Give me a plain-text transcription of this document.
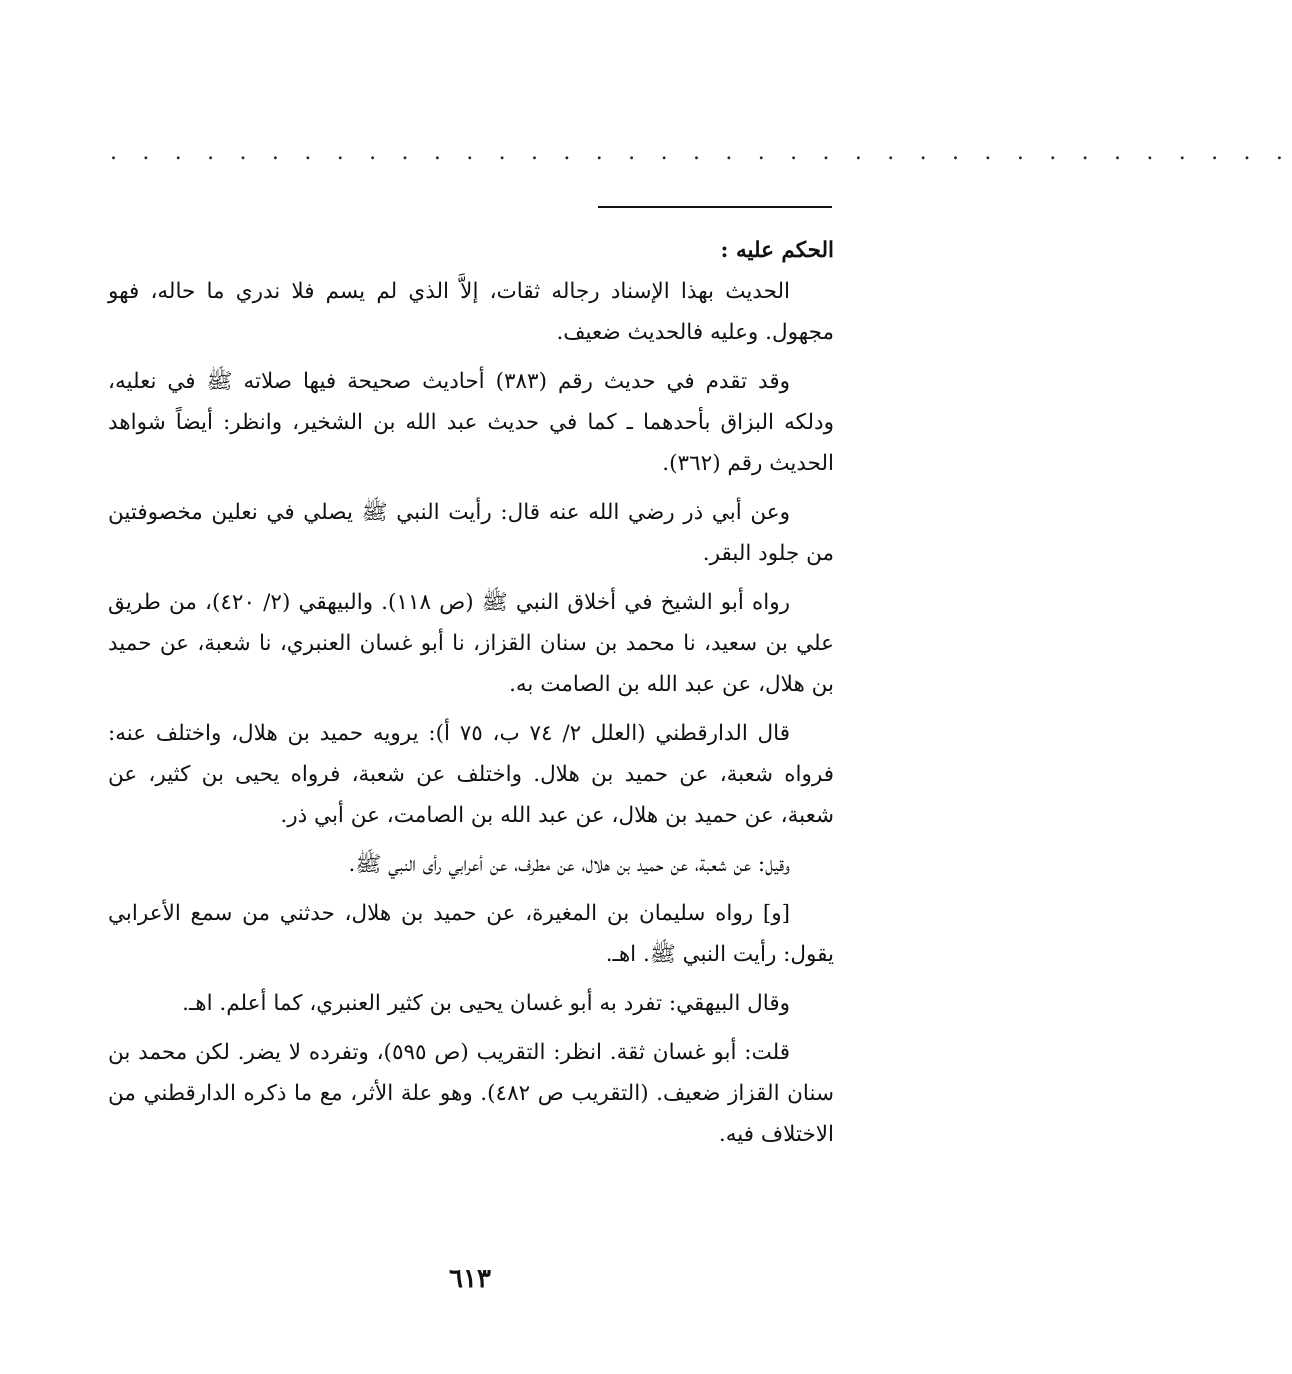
. . . . . . . . . . . . . . . . . . . . . . . . . . . . . . . . . . . . .

الحكم عليه :

الحديث بهذا الإسناد رجاله ثقات، إلاَّ الذي لم يسم فلا ندري ما حاله، فهو مجهول. وعليه فالحديث ضعيف.

وقد تقدم في حديث رقم (٣٨٣) أحاديث صحيحة فيها صلاته ﷺ في نعليه، ودلكه البزاق بأحدهما ـ كما في حديث عبد الله بن الشخير، وانظر: أيضاً شواهد الحديث رقم (٣٦٢).

وعن أبي ذر رضي الله عنه قال: رأيت النبي ﷺ يصلي في نعلين مخصوفتين من جلود البقر.

رواه أبو الشيخ في أخلاق النبي ﷺ (ص ١١٨). والبيهقي (٢/ ٤٢٠)، من طريق علي بن سعيد، نا محمد بن سنان القزاز، نا أبو غسان العنبري، نا شعبة، عن حميد بن هلال، عن عبد الله بن الصامت به.

قال الدارقطني (العلل ٢/ ٧٤ ب، ٧٥ أ): يرويه حميد بن هلال، واختلف عنه: فرواه شعبة، عن حميد بن هلال. واختلف عن شعبة، فرواه يحيى بن كثير، عن شعبة، عن حميد بن هلال، عن عبد الله بن الصامت، عن أبي ذر.

وقيل: عن شعبة، عن حميد بن هلال، عن مطرف، عن أعرابي رأى النبي ﷺ.

[و] رواه سليمان بن المغيرة، عن حميد بن هلال، حدثني من سمع الأعرابي يقول: رأيت النبي ﷺ. اهـ.

وقال البيهقي: تفرد به أبو غسان يحيى بن كثير العنبري، كما أعلم. اهـ.

قلت: أبو غسان ثقة. انظر: التقريب (ص ٥٩٥)، وتفرده لا يضر. لكن محمد بن سنان القزاز ضعيف. (التقريب ص ٤٨٢). وهو علة الأثر، مع ما ذكره الدارقطني من الاختلاف فيه.

٦١٣
